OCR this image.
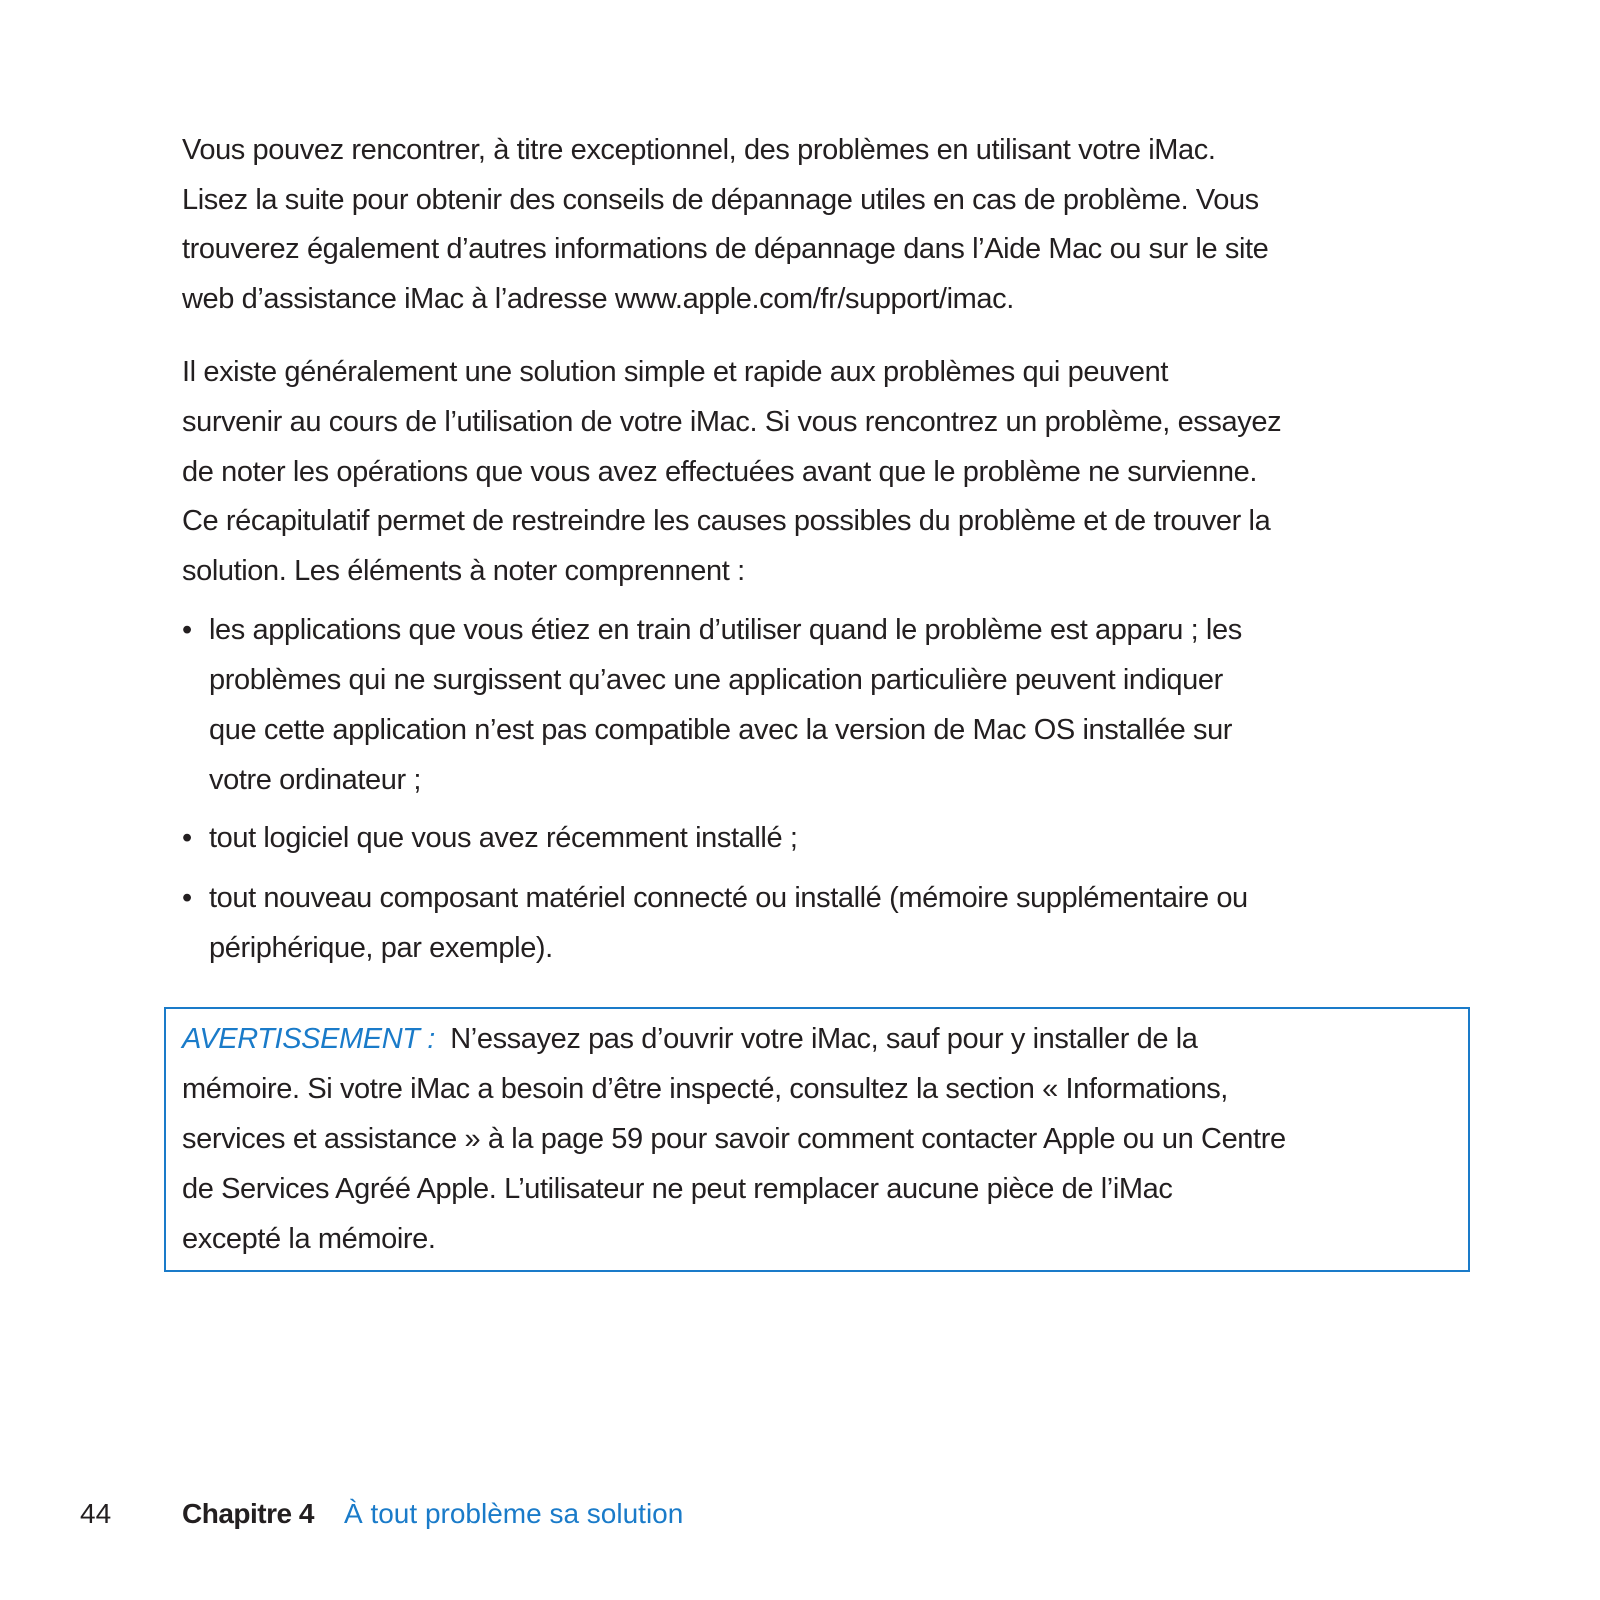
Vous pouvez rencontrer, à titre exceptionnel, des problèmes en utilisant votre iMac.
Lisez la suite pour obtenir des conseils de dépannage utiles en cas de problème. Vous
trouverez également d’autres informations de dépannage dans l’Aide Mac ou sur le site
web d’assistance iMac à l’adresse www.apple.com/fr/support/imac.
Il existe généralement une solution simple et rapide aux problèmes qui peuvent
survenir au cours de l’utilisation de votre iMac. Si vous rencontrez un problème, essayez
de noter les opérations que vous avez effectuées avant que le problème ne survienne.
Ce récapitulatif permet de restreindre les causes possibles du problème et de trouver la
solution. Les éléments à noter comprennent :
• les applications que vous étiez en train d’utiliser quand le problème est apparu ; les
problèmes qui ne surgissent qu’avec une application particulière peuvent indiquer
que cette application n’est pas compatible avec la version de Mac OS installée sur
votre ordinateur ;
• tout logiciel que vous avez récemment installé ;
• tout nouveau composant matériel connecté ou installé (mémoire supplémentaire ou
périphérique, par exemple).
AVERTISSEMENT : N’essayez pas d’ouvrir votre iMac, sauf pour y installer de la
mémoire. Si votre iMac a besoin d’être inspecté, consultez la section « Informations,
services et assistance » à la page 59 pour savoir comment contacter Apple ou un Centre
de Services Agréé Apple. L’utilisateur ne peut remplacer aucune pièce de l’iMac
excepté la mémoire.
44	Chapitre 4 À tout problème sa solution
